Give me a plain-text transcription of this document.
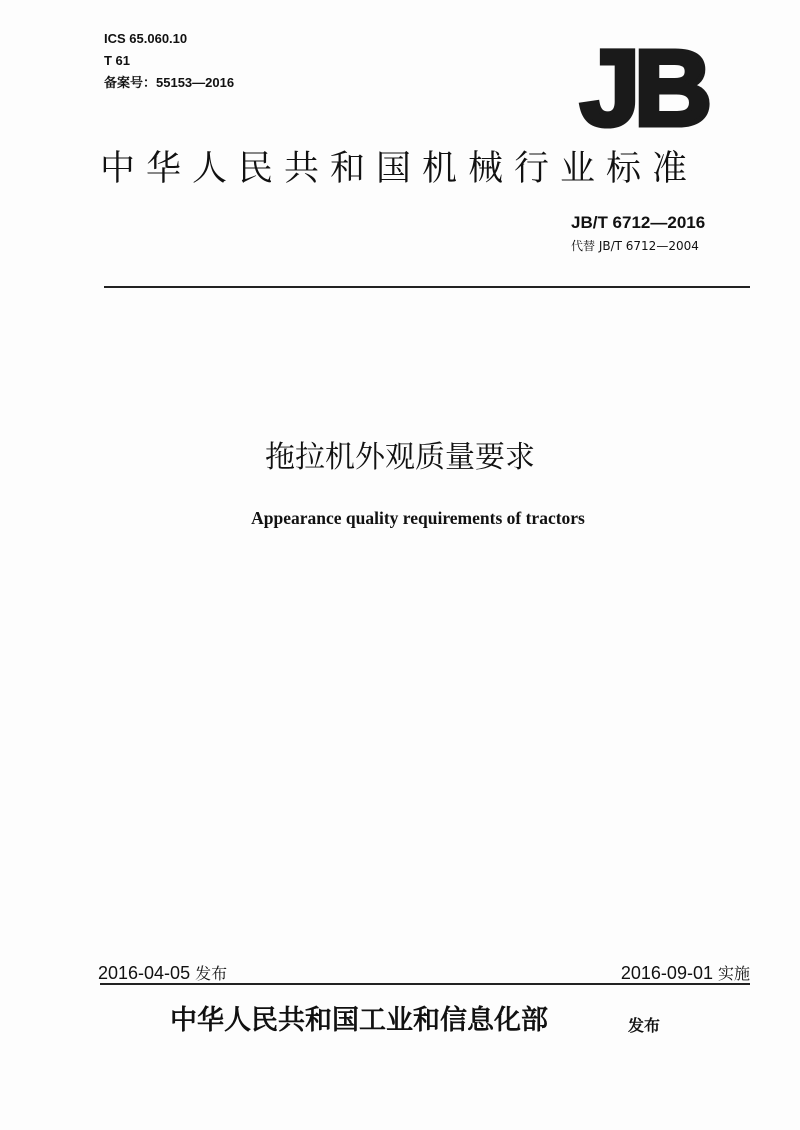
ICS 65.060.10
T 61
备案号：55153—2016	JB
中华人民共和国机械行业标准
JB/T 6712—2016
代替 JB/T 6712—2004
拖拉机外观质量要求
Appearance quality requirements of tractors
2016-04-05 发布	2016-09-01 实施
中华人民共和国工业和信息化部	发布
